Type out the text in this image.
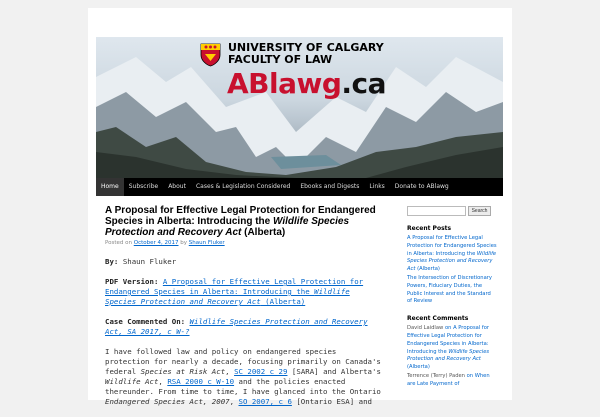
UNIVERSITY OF CALGARY
FACULTY OF LAW
ABlawg.ca
Home	Subscribe	About	Cases & Legislation Considered	Ebooks and Digests	Links	Donate to ABlawg
A Proposal for Effective Legal Protection for Endangered Species in Alberta: Introducing the Wildlife Species Protection and Recovery Act (Alberta)
Posted on October 4, 2017 by Shaun Fluker

By: Shaun Fluker

PDF Version: A Proposal for Effective Legal Protection for Endangered Species in Alberta: Introducing the Wildlife Species Protection and Recovery Act (Alberta)

Case Commented On: Wildlife Species Protection and Recovery Act, SA 2017, c W-?

I have followed law and policy on endangered species protection for nearly a decade, focusing primarily on Canada's federal Species at Risk Act, SC 2002 c 29 [SARA] and Alberta's Wildlife Act, RSA 2000 c W-10 and the policies enacted thereunder. From time to time, I have glanced into the Ontario Endangered Species Act, 2007, SO 2007, c 6 [Ontario ESA] and

Search
Recent Posts
A Proposal for Effective Legal Protection for Endangered Species in Alberta: Introducing the Wildlife Species Protection and Recovery Act (Alberta)
The Intersection of Discretionary Powers, Fiduciary Duties, the Public Interest and the Standard of Review
Recent Comments
David Laidlaw on A Proposal for Effective Legal Protection for Endangered Species in Alberta: Introducing the Wildlife Species Protection and Recovery Act (Alberta)
Terrence (Terry) Paden on When are Late Payment of
